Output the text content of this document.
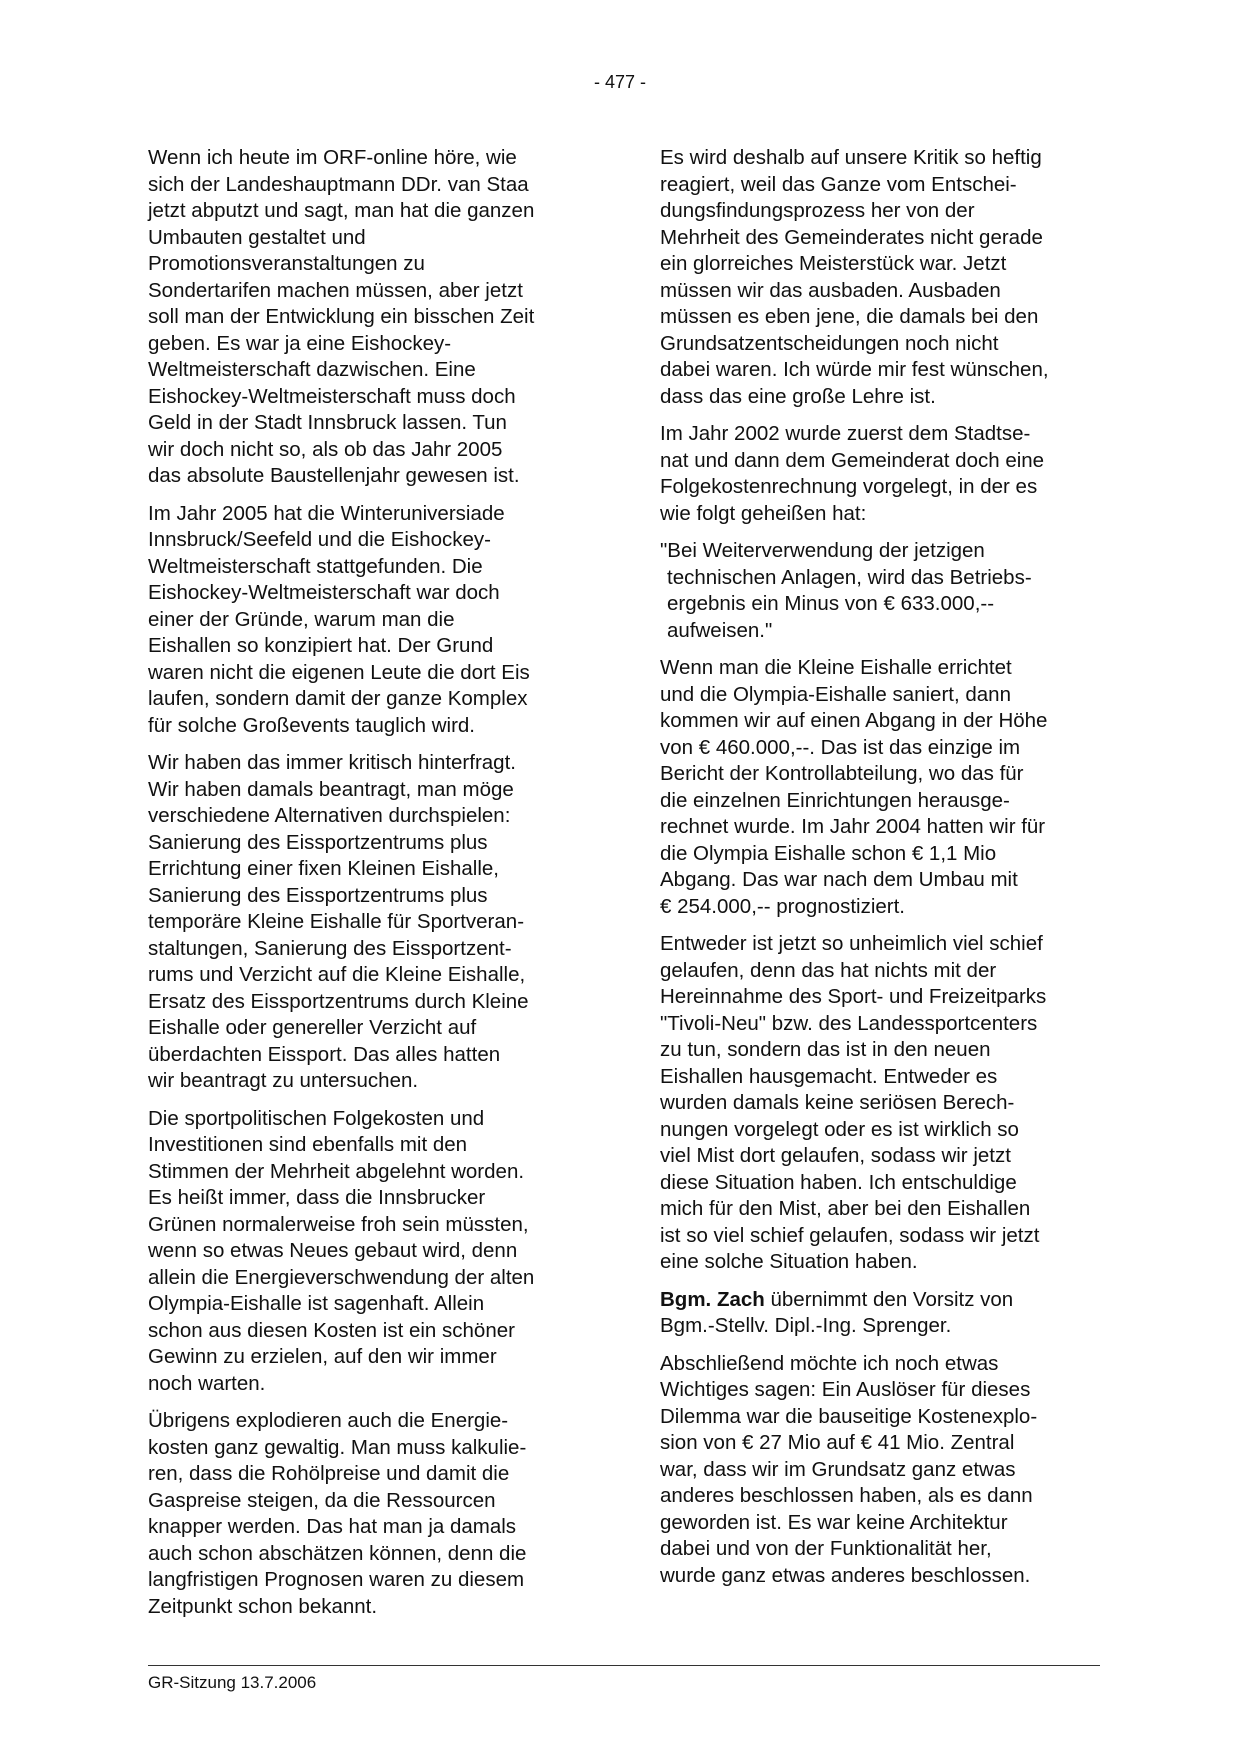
- 477 -

Wenn ich heute im ORF-online höre, wie
sich der Landeshauptmann DDr. van Staa
jetzt abputzt und sagt, man hat die ganzen
Umbauten gestaltet und
Promotionsveranstaltungen zu
Sondertarifen machen müssen, aber jetzt
soll man der Entwicklung ein bisschen Zeit
geben. Es war ja eine Eishockey-
Weltmeisterschaft dazwischen. Eine
Eishockey-Weltmeisterschaft muss doch
Geld in der Stadt Innsbruck lassen. Tun
wir doch nicht so, als ob das Jahr 2005
das absolute Baustellenjahr gewesen ist.

Im Jahr 2005 hat die Winteruniversiade
Innsbruck/Seefeld und die Eishockey-
Weltmeisterschaft stattgefunden. Die
Eishockey-Weltmeisterschaft war doch
einer der Gründe, warum man die
Eishallen so konzipiert hat. Der Grund
waren nicht die eigenen Leute die dort Eis
laufen, sondern damit der ganze Komplex
für solche Großevents tauglich wird.

Wir haben das immer kritisch hinterfragt.
Wir haben damals beantragt, man möge
verschiedene Alternativen durchspielen:
Sanierung des Eissportzentrums plus
Errichtung einer fixen Kleinen Eishalle,
Sanierung des Eissportzentrums plus
temporäre Kleine Eishalle für Sportveran-
staltungen, Sanierung des Eissportzent-
rums und Verzicht auf die Kleine Eishalle,
Ersatz des Eissportzentrums durch Kleine
Eishalle oder genereller Verzicht auf
überdachten Eissport. Das alles hatten
wir beantragt zu untersuchen.

Die sportpolitischen Folgekosten und
Investitionen sind ebenfalls mit den
Stimmen der Mehrheit abgelehnt worden.
Es heißt immer, dass die Innsbrucker
Grünen normalerweise froh sein müssten,
wenn so etwas Neues gebaut wird, denn
allein die Energieverschwendung der alten
Olympia-Eishalle ist sagenhaft. Allein
schon aus diesen Kosten ist ein schöner
Gewinn zu erzielen, auf den wir immer
noch warten.

Übrigens explodieren auch die Energie-
kosten ganz gewaltig. Man muss kalkulie-
ren, dass die Rohölpreise und damit die
Gaspreise steigen, da die Ressourcen
knapper werden. Das hat man ja damals
auch schon abschätzen können, denn die
langfristigen Prognosen waren zu diesem
Zeitpunkt schon bekannt.

Es wird deshalb auf unsere Kritik so heftig
reagiert, weil das Ganze vom Entschei-
dungsfindungsprozess her von der
Mehrheit des Gemeinderates nicht gerade
ein glorreiches Meisterstück war. Jetzt
müssen wir das ausbaden. Ausbaden
müssen es eben jene, die damals bei den
Grundsatzentscheidungen noch nicht
dabei waren. Ich würde mir fest wünschen,
dass das eine große Lehre ist.

Im Jahr 2002 wurde zuerst dem Stadtse-
nat und dann dem Gemeinderat doch eine
Folgekostenrechnung vorgelegt, in der es
wie folgt geheißen hat:

"Bei Weiterverwendung der jetzigen
technischen Anlagen, wird das Betriebs-
ergebnis ein Minus von € 633.000,--
aufweisen."

Wenn man die Kleine Eishalle errichtet
und die Olympia-Eishalle saniert, dann
kommen wir auf einen Abgang in der Höhe
von € 460.000,--. Das ist das einzige im
Bericht der Kontrollabteilung, wo das für
die einzelnen Einrichtungen herausge-
rechnet wurde. Im Jahr 2004 hatten wir für
die Olympia Eishalle schon € 1,1 Mio
Abgang. Das war nach dem Umbau mit
€ 254.000,-- prognostiziert.

Entweder ist jetzt so unheimlich viel schief
gelaufen, denn das hat nichts mit der
Hereinnahme des Sport- und Freizeitparks
"Tivoli-Neu" bzw. des Landessportcenters
zu tun, sondern das ist in den neuen
Eishallen hausgemacht. Entweder es
wurden damals keine seriösen Berech-
nungen vorgelegt oder es ist wirklich so
viel Mist dort gelaufen, sodass wir jetzt
diese Situation haben. Ich entschuldige
mich für den Mist, aber bei den Eishallen
ist so viel schief gelaufen, sodass wir jetzt
eine solche Situation haben.

Bgm. Zach übernimmt den Vorsitz von
Bgm.-Stellv. Dipl.-Ing. Sprenger.

Abschließend möchte ich noch etwas
Wichtiges sagen: Ein Auslöser für dieses
Dilemma war die bauseitige Kostenexplo-
sion von € 27 Mio auf € 41 Mio. Zentral
war, dass wir im Grundsatz ganz etwas
anderes beschlossen haben, als es dann
geworden ist. Es war keine Architektur
dabei und von der Funktionalität her,
wurde ganz etwas anderes beschlossen.

GR-Sitzung 13.7.2006
